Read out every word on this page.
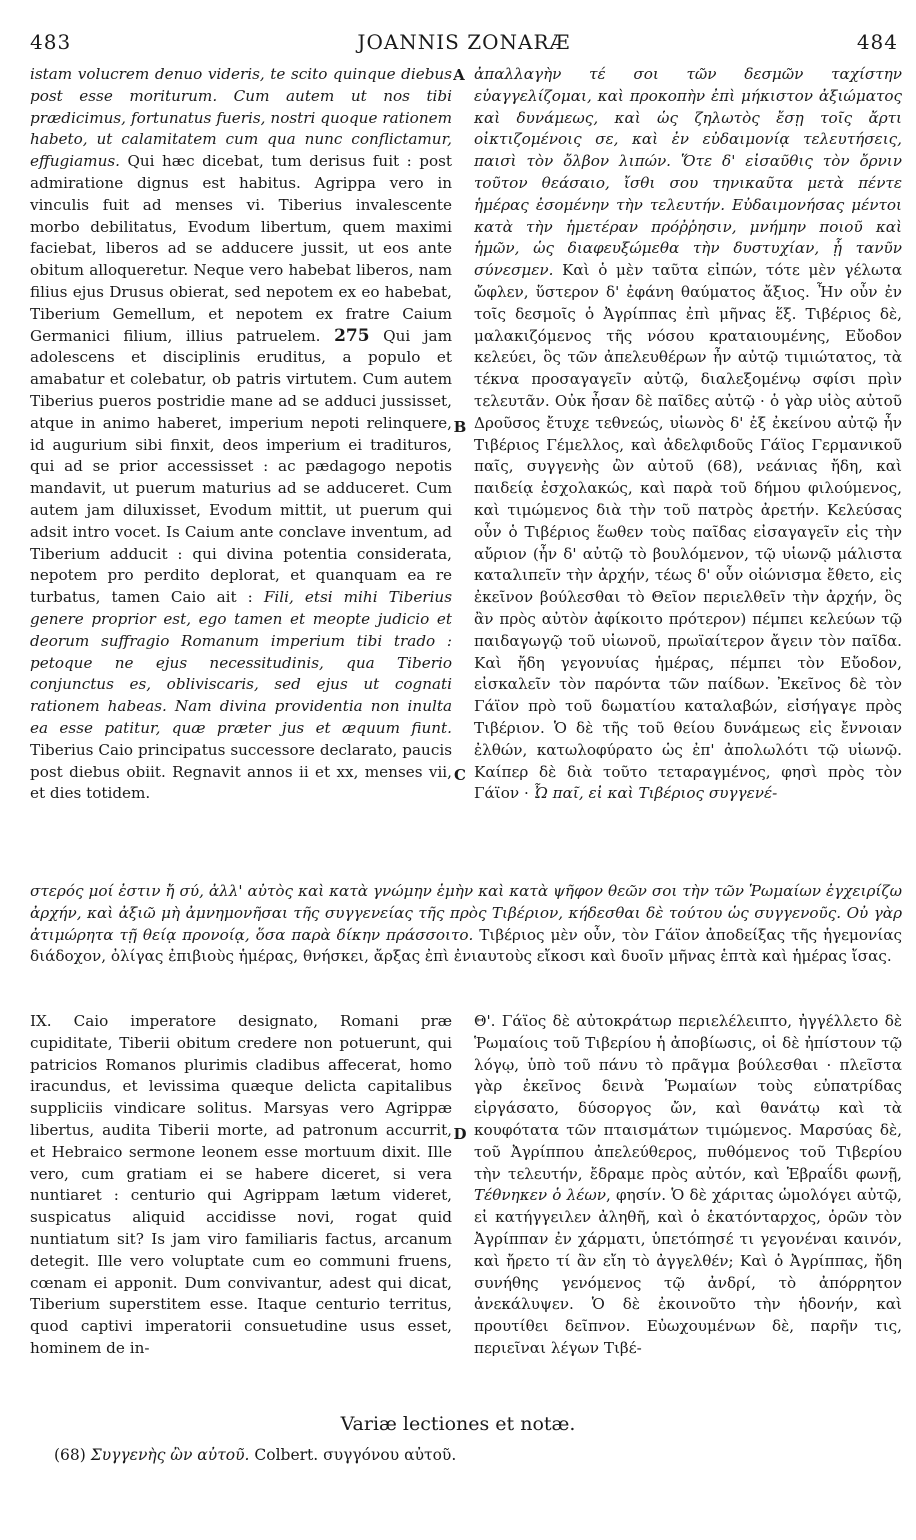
483	JOANNIS ZONARÆ	484
A
B
C
D

istam volucrem denuo videris, te scito quinque diebus post esse moriturum. Cum autem ut nos tibi prædicimus, fortunatus fueris, nostri quoque rationem habeto, ut calamitatem cum qua nunc conflictamur, effugiamus. Qui hæc dicebat, tum derisus fuit : post admiratione dignus est habitus. Agrippa vero in vinculis fuit ad menses vi. Tiberius invalescente morbo debilitatus, Evodum libertum, quem maximi faciebat, liberos ad se adducere jussit, ut eos ante obitum alloqueretur. Neque vero habebat liberos, nam filius ejus Drusus obierat, sed nepotem ex eo habebat, Tiberium Gemellum, et nepotem ex fratre Caium Germanici filium, illius patruelem. 275 Qui jam adolescens et disciplinis eruditus, a populo et amabatur et colebatur, ob patris virtutem. Cum autem Tiberius pueros postridie mane ad se adduci jussisset, atque in animo haberet, imperium nepoti relinquere, id augurium sibi finxit, deos imperium ei tradituros, qui ad se prior accessisset : ac pædagogo nepotis mandavit, ut puerum maturius ad se adduceret. Cum autem jam diluxisset, Evodum mittit, ut puerum qui adsit intro vocet. Is Caium ante conclave inventum, ad Tiberium adducit : qui divina potentia considerata, nepotem pro perdito deplorat, et quanquam ea re turbatus, tamen Caio ait : Fili, etsi mihi Tiberius genere proprior est, ego tamen et meopte judicio et deorum suffragio Romanum imperium tibi trado : petoque ne ejus necessitudinis, qua Tiberio conjunctus es, obliviscaris, sed ejus ut cognati rationem habeas. Nam divina providentia non inulta ea esse patitur, quæ præter jus et æquum fiunt. Tiberius Caio principatus successore declarato, paucis post diebus obiit. Regnavit annos ii et xx, menses vii, et dies totidem.

ἀπαλλαγὴν τέ σοι τῶν δεσμῶν ταχίστην εὐαγγελίζομαι, καὶ προκοπὴν ἐπὶ μήκιστον ἀξιώματος καὶ δυνάμεως, καὶ ὡς ζηλωτὸς ἔσῃ τοῖς ἄρτι οἰκτιζομένοις σε, καὶ ἐν εὐδαιμονίᾳ τελευτήσεις, παισὶ τὸν ὄλβον λιπών. Ὅτε δ' εἰσαῦθις τὸν ὄρνιν τοῦτον θεάσαιο, ἴσθι σου τηνικαῦτα μετὰ πέντε ἡμέρας ἐσομένην τὴν τελευτήν. Εὐδαιμονήσας μέντοι κατὰ τὴν ἡμετέραν πρόῤῥησιν, μνήμην ποιοῦ καὶ ἡμῶν, ὡς διαφευξώμεθα τὴν δυστυχίαν, ᾗ τανῦν σύνεσμεν. Καὶ ὁ μὲν ταῦτα εἰπών, τότε μὲν γέλωτα ὤφλεν, ὕστερον δ' ἐφάνη θαύματος ἄξιος. Ἦν οὖν ἐν τοῖς δεσμοῖς ὁ Ἀγρίππας ἐπὶ μῆνας ἕξ. Τιβέριος δὲ, μαλακιζόμενος τῆς νόσου κραταιουμένης, Εὔοδον κελεύει, ὃς τῶν ἀπελευθέρων ἦν αὐτῷ τιμιώτατος, τὰ τέκνα προσαγαγεῖν αὐτῷ, διαλεξομένῳ σφίσι πρὶν τελευτᾶν. Οὐκ ἦσαν δὲ παῖδες αὐτῷ · ὁ γὰρ υἱὸς αὐτοῦ Δροῦσος ἔτυχε τεθνεώς, υἱωνὸς δ' ἐξ ἐκείνου αὐτῷ ἦν Τιβέριος Γέμελλος, καὶ ἀδελφιδοῦς Γάϊος Γερμανικοῦ παῖς, συγγενὴς ὢν αὐτοῦ (68), νεάνιας ἤδη, καὶ παιδείᾳ ἐσχολακώς, καὶ παρὰ τοῦ δήμου φιλούμενος, καὶ τιμώμενος διὰ τὴν τοῦ πατρὸς ἀρετήν. Κελεύσας οὖν ὁ Τιβέριος ἕωθεν τοὺς παῖδας εἰσαγαγεῖν εἰς τὴν αὔριον (ἦν δ' αὐτῷ τὸ βουλόμενον, τῷ υἱωνῷ μάλιστα καταλιπεῖν τὴν ἀρχήν, τέως δ' οὖν οἰώνισμα ἔθετο, εἰς ἐκεῖνον βούλεσθαι τὸ Θεῖον περιελθεῖν τὴν ἀρχήν, ὃς ἂν πρὸς αὐτὸν ἀφίκοιτο πρότερον) πέμπει κελεύων τῷ παιδαγωγῷ τοῦ υἱωνοῦ, πρωϊαίτερον ἄγειν τὸν παῖδα. Καὶ ἤδη γεγονυίας ἡμέρας, πέμπει τὸν Εὔοδον, εἰσκαλεῖν τὸν παρόντα τῶν παίδων. Ἐκεῖνος δὲ τὸν Γάϊον πρὸ τοῦ δωματίου καταλαβών, εἰσήγαγε πρὸς Τιβέριον. Ὁ δὲ τῆς τοῦ θείου δυνάμεως εἰς ἔννοιαν ἐλθών, κατωλοφύρατο ὡς ἐπ' ἀπολωλότι τῷ υἱωνῷ. Καίπερ δὲ διὰ τοῦτο τεταραγμένος, φησὶ πρὸς τὸν Γάϊον · Ὦ παῖ, εἰ καὶ Τιβέριος συγγενέ-

στερός μοί ἐστιν ἤ σύ, ἀλλ' αὐτὸς καὶ κατὰ γνώμην ἐμὴν καὶ κατὰ ψῆφον θεῶν σοι τὴν τῶν Ῥωμαίων ἐγχειρίζω ἀρχήν, καὶ ἀξιῶ μὴ ἀμνημονῆσαι τῆς συγγενείας τῆς πρὸς Τιβέριον, κήδεσθαι δὲ τούτου ὡς συγγενοῦς. Οὐ γὰρ ἀτιμώρητα τῇ θείᾳ προνοίᾳ, ὅσα παρὰ δίκην πράσσοιτο. Τιβέριος μὲν οὖν, τὸν Γάϊον ἀποδείξας τῆς ἡγεμονίας διάδοχον, ὀλίγας ἐπιβιοὺς ἡμέρας, θνήσκει, ἄρξας ἐπὶ ἐνιαυτοὺς εἴκοσι καὶ δυοῖν μῆνας ἑπτὰ καὶ ἡμέρας ἴσας.

IX. Caio imperatore designato, Romani præ cupiditate, Tiberii obitum credere non potuerunt, qui patricios Romanos plurimis cladibus affecerat, homo iracundus, et levissima quæque delicta capitalibus suppliciis vindicare solitus. Marsyas vero Agrippæ libertus, audita Tiberii morte, ad patronum accurrit, et Hebraico sermone leonem esse mortuum dixit. Ille vero, cum gratiam ei se habere diceret, si vera nuntiaret : centurio qui Agrippam lætum videret, suspicatus aliquid accidisse novi, rogat quid nuntiatum sit? Is jam viro familiaris factus, arcanum detegit. Ille vero voluptate cum eo communi fruens, cœnam ei apponit. Dum convivantur, adest qui dicat, Tiberium superstitem esse. Itaque centurio territus, quod captivi imperatorii consuetudine usus esset, hominem de in-

Θ'. Γάϊος δὲ αὐτοκράτωρ περιελέλειπτο, ἠγγέλλετο δὲ Ῥωμαίοις τοῦ Τιβερίου ἡ ἀποβίωσις, οἱ δὲ ἠπίστουν τῷ λόγῳ, ὑπὸ τοῦ πάνυ τὸ πρᾶγμα βούλεσθαι · πλεῖστα γὰρ ἐκεῖνος δεινὰ Ῥωμαίων τοὺς εὐπατρίδας εἰργάσατο, δύσοργος ὤν, καὶ θανάτῳ καὶ τὰ κουφότατα τῶν πταισμάτων τιμώμενος. Μαρσύας δὲ, τοῦ Ἀγρίππου ἀπελεύθερος, πυθόμενος τοῦ Τιβερίου τὴν τελευτήν, ἔδραμε πρὸς αὐτόν, καὶ Ἑβραΐδι φωνῇ, Τέθνηκεν ὁ λέων, φησίν. Ὁ δὲ χάριτας ὡμολόγει αὐτῷ, εἰ κατήγγειλεν ἀληθῆ, καὶ ὁ ἑκατόνταρχος, ὁρῶν τὸν Ἀγρίππαν ἐν χάρματι, ὑπετόπησέ τι γεγονέναι καινόν, καὶ ἤρετο τί ἂν εἴη τὸ ἀγγελθέν; Καὶ ὁ Ἀγρίππας, ἤδη συνήθης γενόμενος τῷ ἀνδρί, τὸ ἀπόρρητον ἀνεκάλυψεν. Ὁ δὲ ἐκοινοῦτο τὴν ἡδονήν, καὶ προυτίθει δεῖπνον. Εὐωχουμένων δὲ, παρῆν τις, περιεῖναι λέγων Τιβέ-

Variæ lectiones et notæ.
(68) Συγγενὴς ὢν αὐτοῦ. Colbert. συγγόνου αὐτοῦ.
